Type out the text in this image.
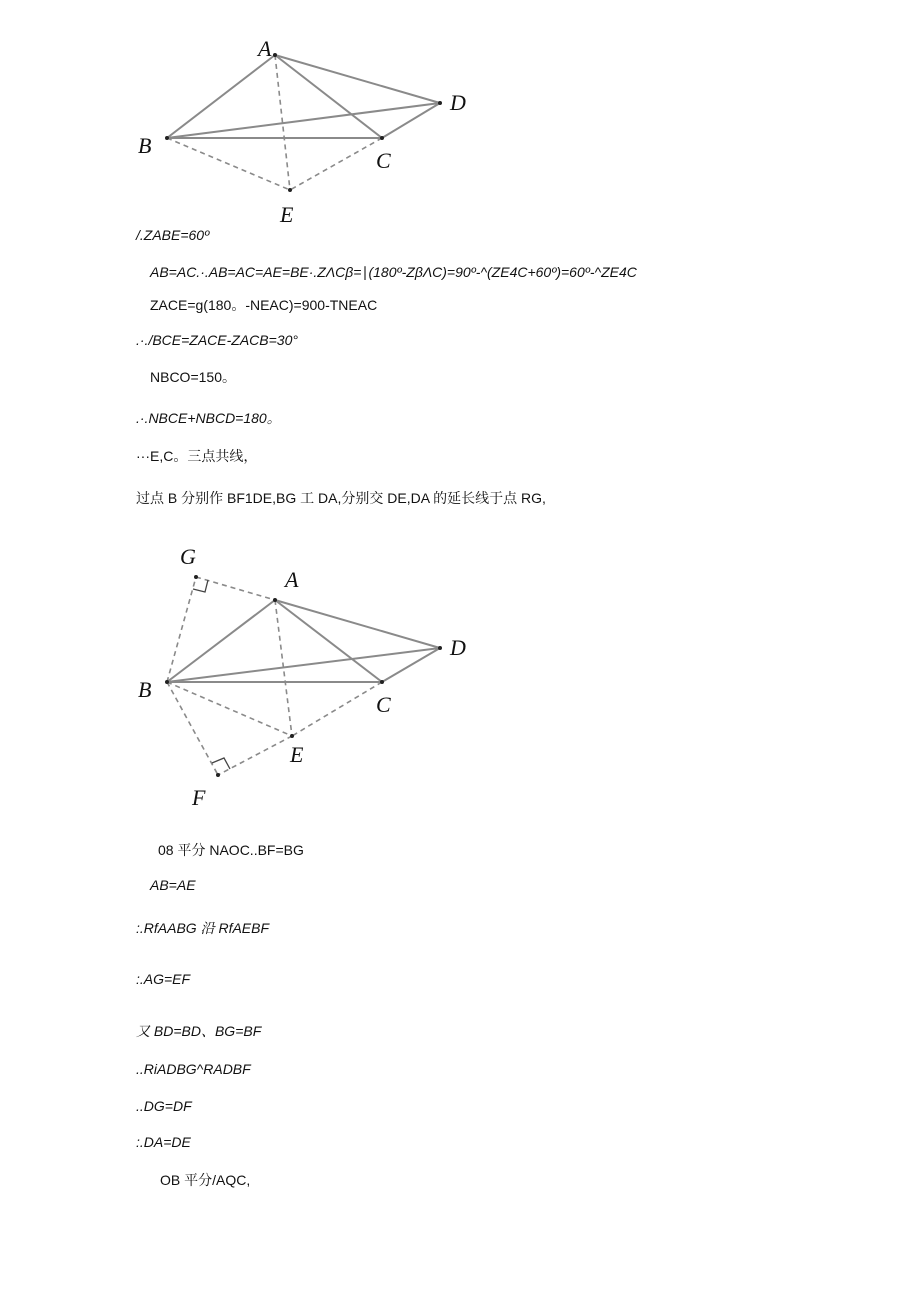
A
B
C
D
E
/.ZABE=60º
AB=AC.·.AB=AC=AE=BE·.ZΛCβ=∣(180º-ZβΛC)=90º-^(ZE4C+60º)=60º-^ZE4C
ZACE=g(180。-NEAC)=900-TNEAC
.·./BCE=ZACE-ZACB=30°
NBCO=150。
.·.NBCE+NBCD=180。
···E,C。三点共线，
过点 B 分别作 BF1DE,BG 工 DA,分别交 DE,DA 的延长线于点 RG,
A
B
C
D
E
F
G
08 平分 NAOC..BF=BG
AB=AE
:.RfAABG 沿 RfAEBF
:.AG=EF
又 BD=BD、BG=BF
..RiADBG^RADBF
..DG=DF
:.DA=DE
OB 平分/AQC,
